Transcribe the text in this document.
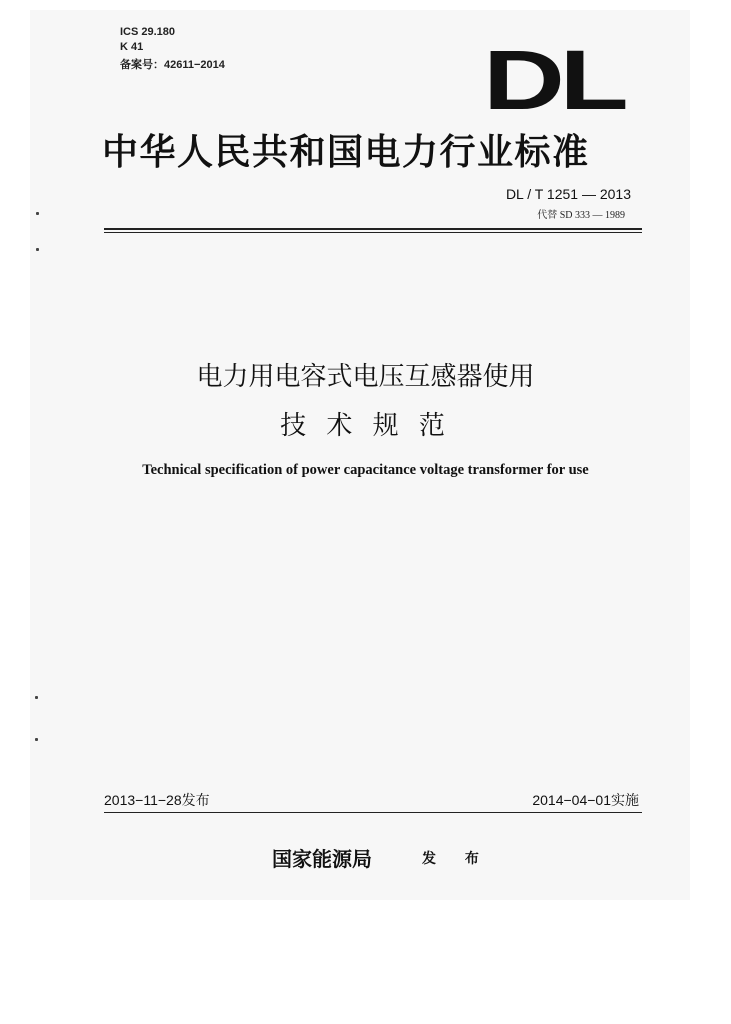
ICS 29.180
K 41
备案号：42611−2014	DL
中华人民共和国电力行业标准
DL / T 1251 — 2013
代替 SD 333 — 1989
电力用电容式电压互感器使用
技 术 规 范
Technical specification of power capacitance voltage transformer for use
2013−11−28发布	2014−04−01实施
国家能源局	发 布
